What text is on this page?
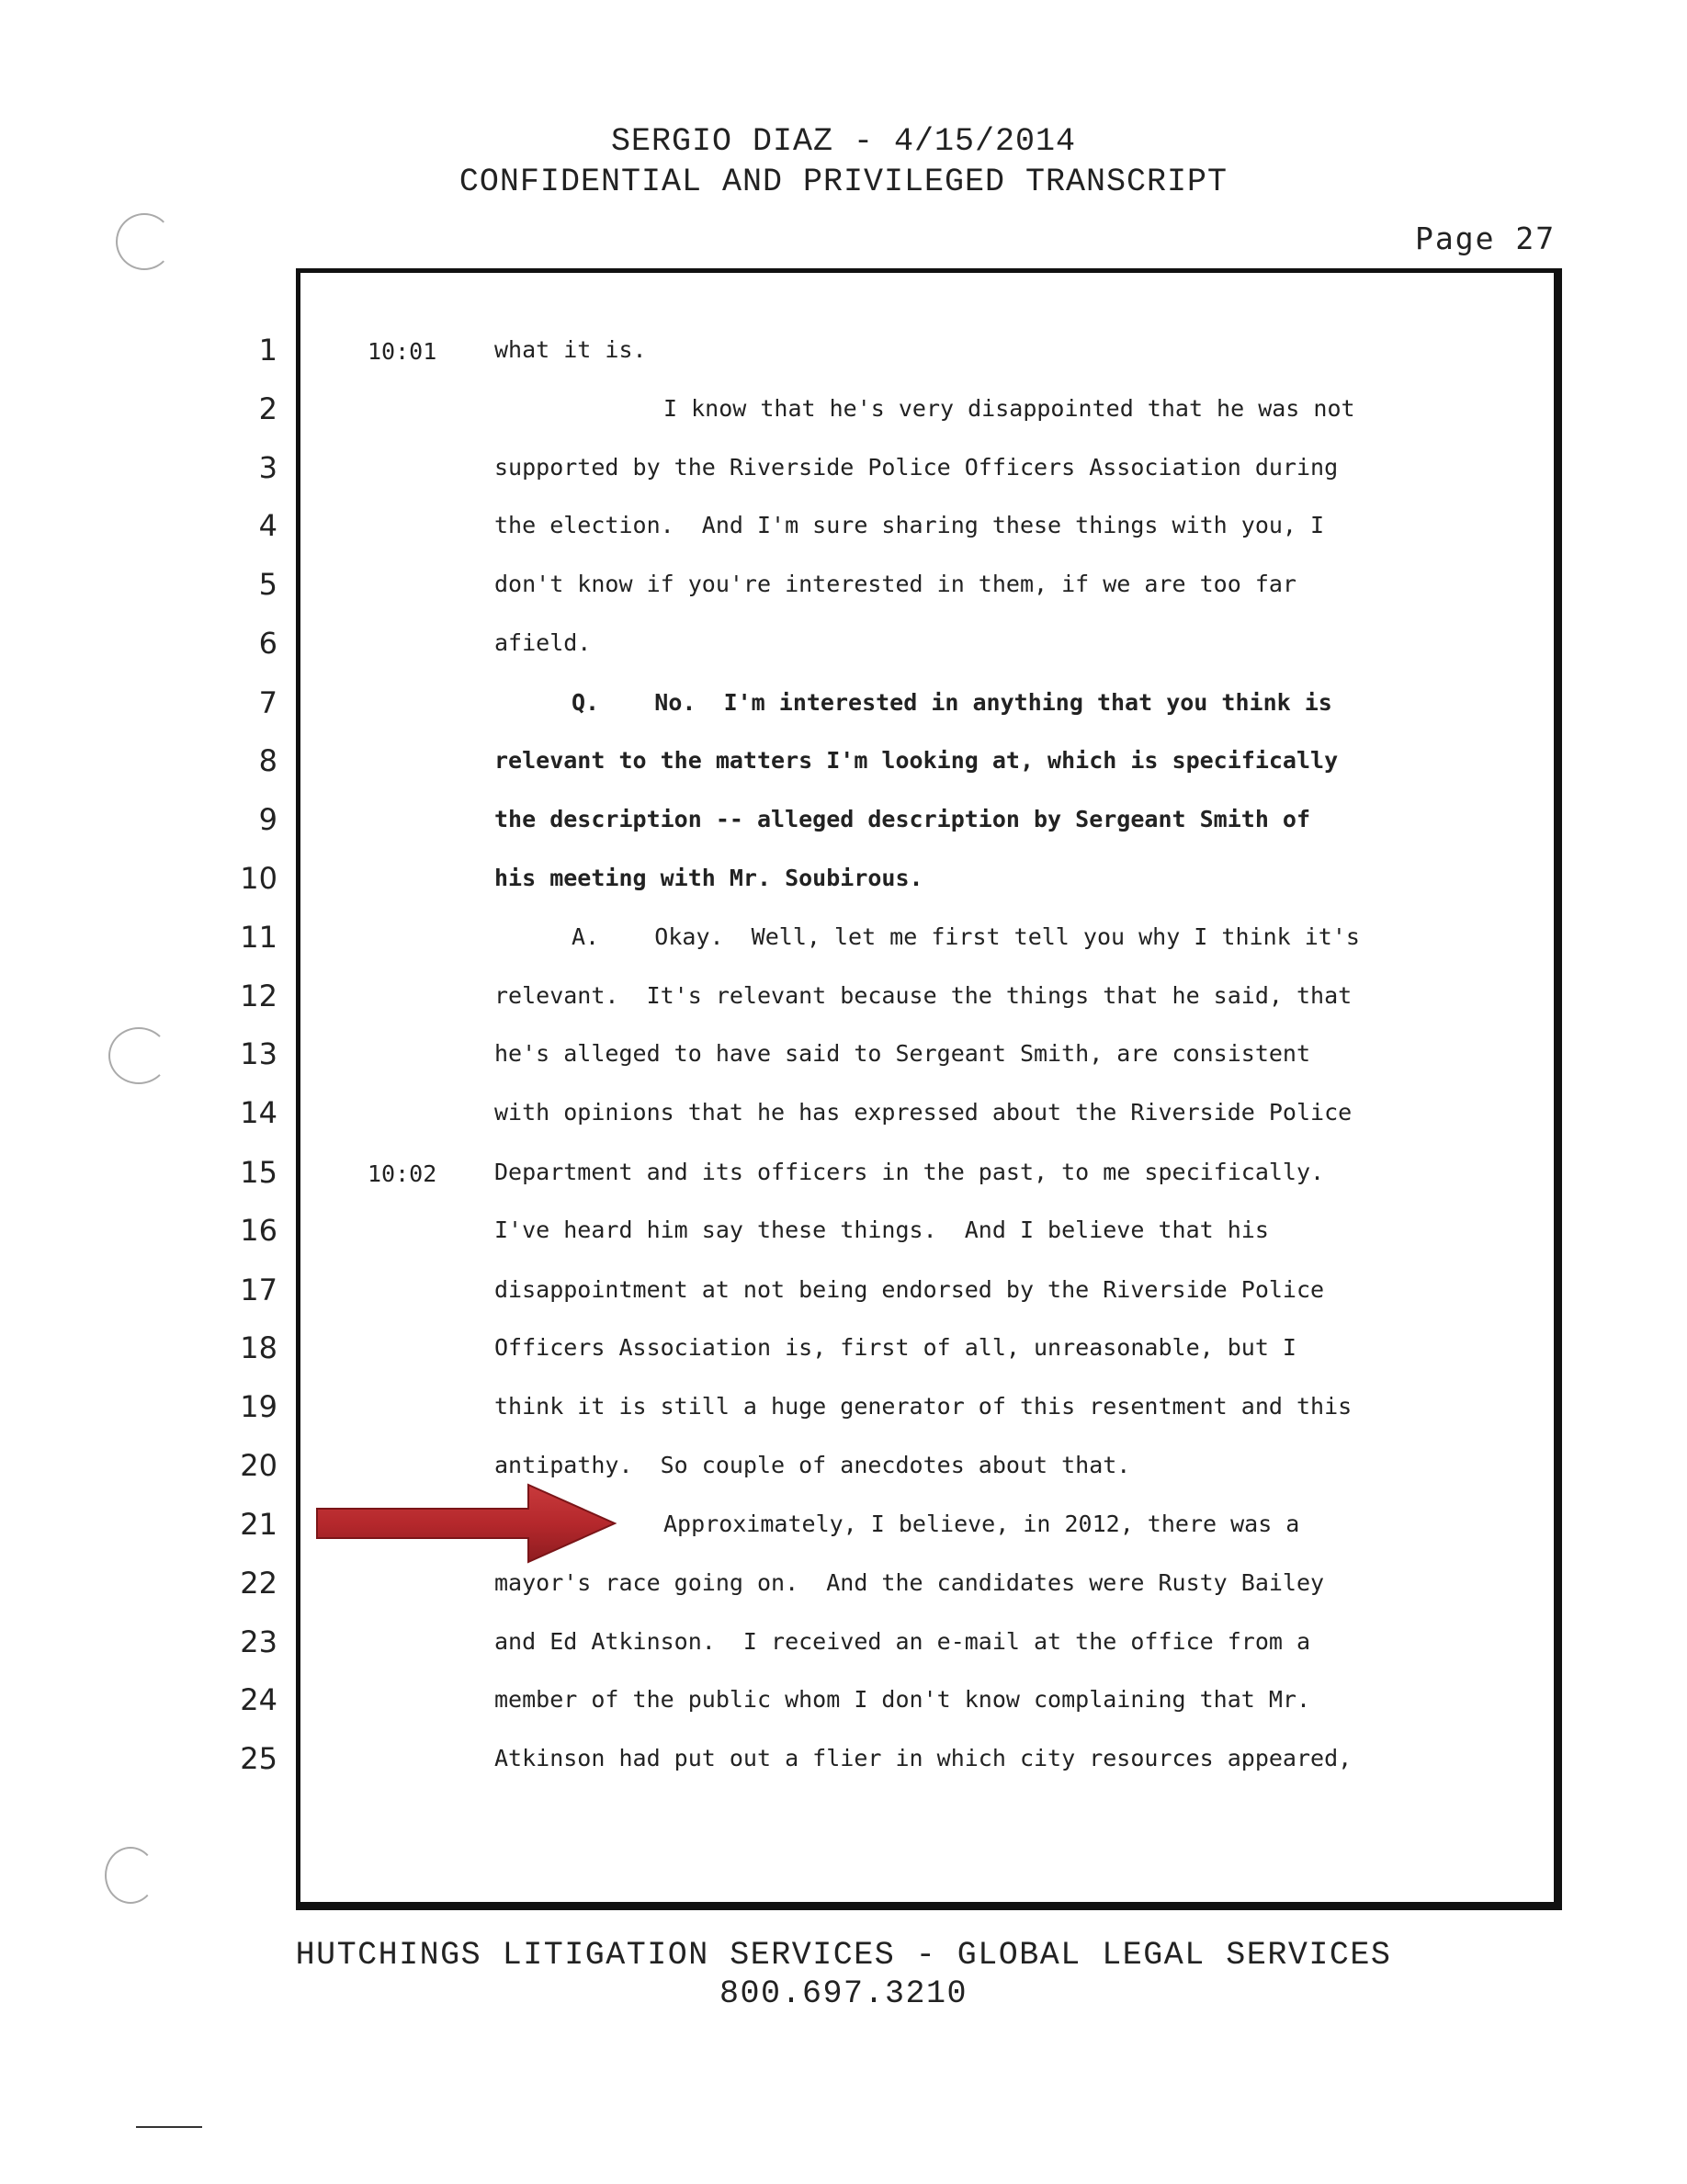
SERGIO DIAZ - 4/15/2014
CONFIDENTIAL AND PRIVILEGED TRANSCRIPT
Page 27
1	10:01	what it is.
2	I know that he's very disappointed that he was not
3	supported by the Riverside Police Officers Association during
4	the election.  And I'm sure sharing these things with you, I
5	don't know if you're interested in them, if we are too far
6	afield.
7	Q.    No.  I'm interested in anything that you think is
8	relevant to the matters I'm looking at, which is specifically
9	the description -- alleged description by Sergeant Smith of
10	his meeting with Mr. Soubirous.
11	A.    Okay.  Well, let me first tell you why I think it's
12	relevant.  It's relevant because the things that he said, that
13	he's alleged to have said to Sergeant Smith, are consistent
14	with opinions that he has expressed about the Riverside Police
15	10:02	Department and its officers in the past, to me specifically.
16	I've heard him say these things.  And I believe that his
17	disappointment at not being endorsed by the Riverside Police
18	Officers Association is, first of all, unreasonable, but I
19	think it is still a huge generator of this resentment and this
20	antipathy.  So couple of anecdotes about that.
21	Approximately, I believe, in 2012, there was a
22	mayor's race going on.  And the candidates were Rusty Bailey
23	and Ed Atkinson.  I received an e-mail at the office from a
24	member of the public whom I don't know complaining that Mr.
25	Atkinson had put out a flier in which city resources appeared,
HUTCHINGS LITIGATION SERVICES - GLOBAL LEGAL SERVICES
800.697.3210
